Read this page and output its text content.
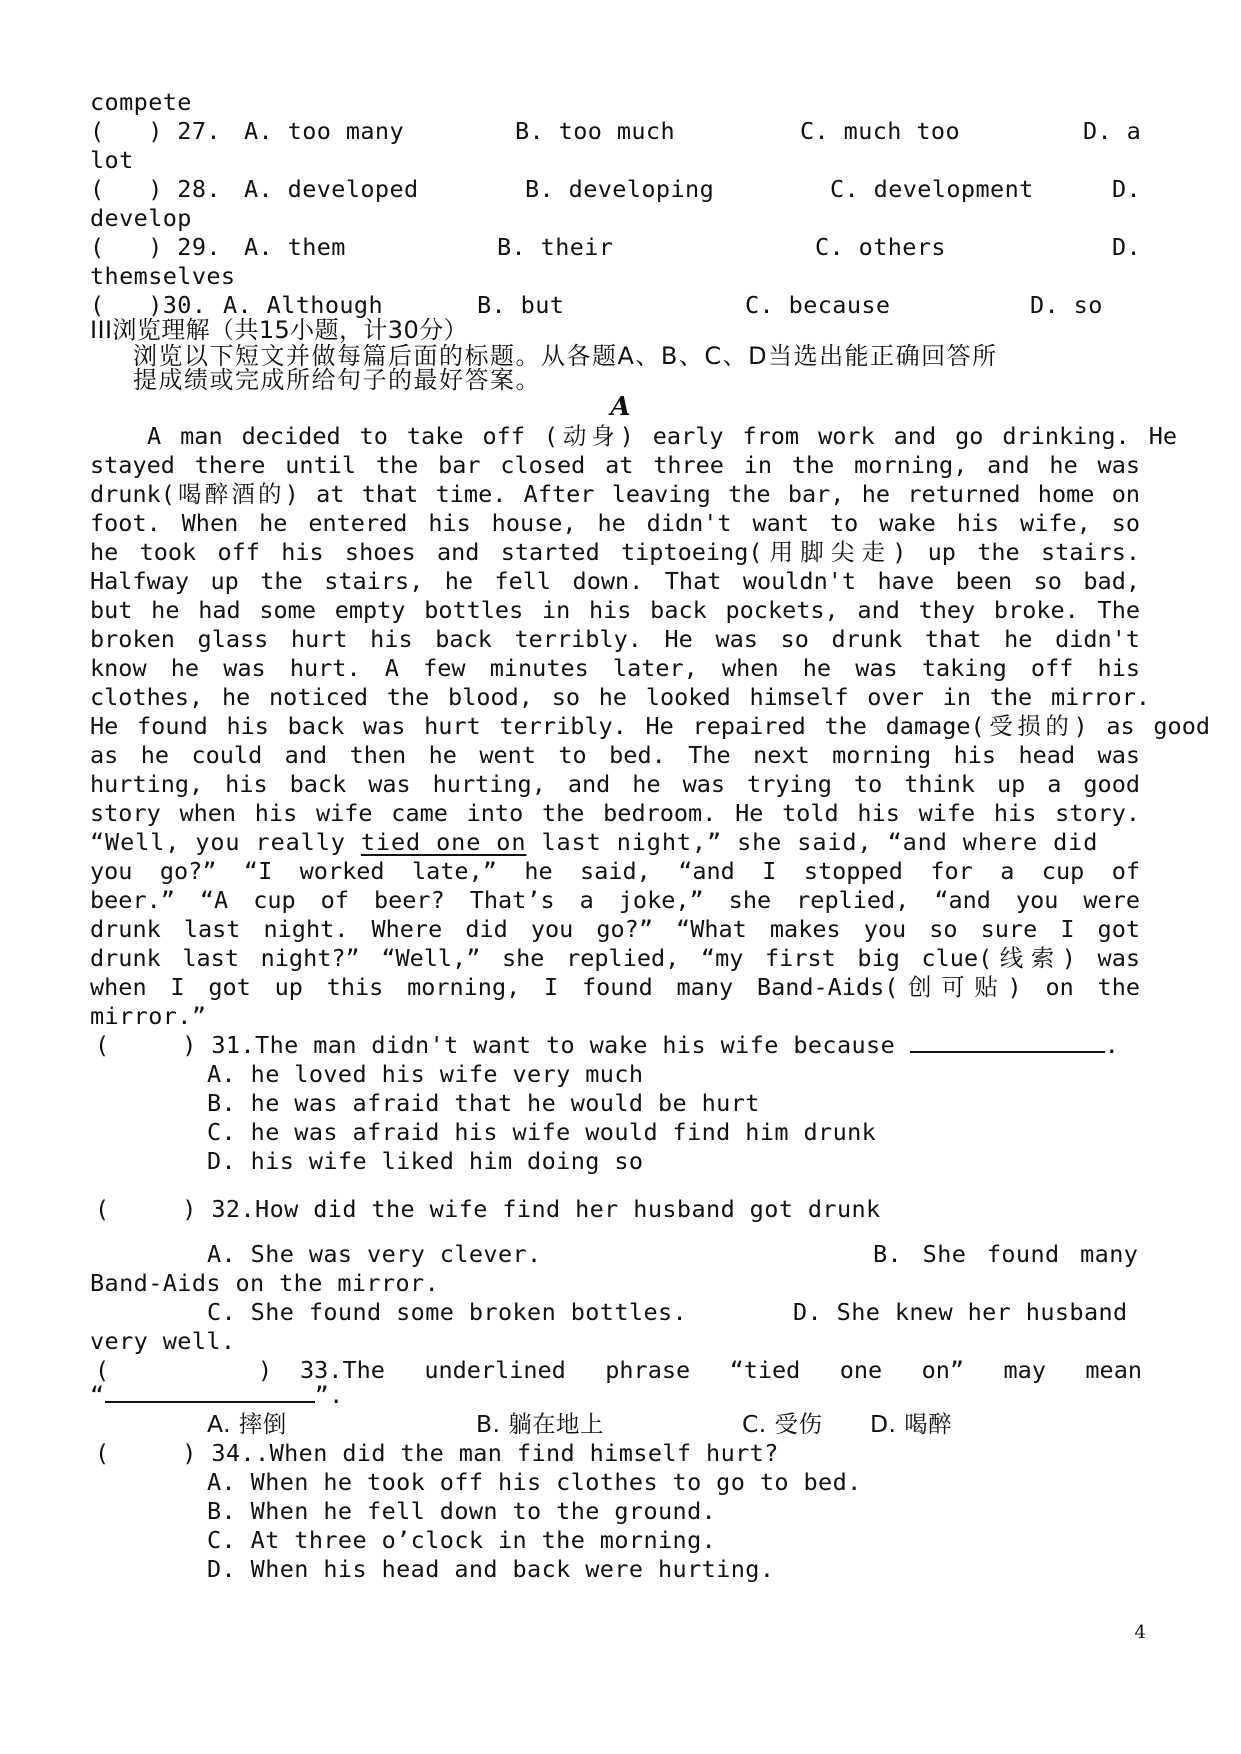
compete
(   ) 27. A. too many	B. too much	C. much too	D. a
lot
(   ) 28. A. developed	B. developing	C. development	D.
develop
(   ) 29. A. them	B. their	C. others	D.
themselves
(   )30. A. Although	B. but	C. because	D. so
III浏览理解（共15小题，计30分）
浏览以下短文并做每篇后面的标题。从各题A、B、C、D当选出能正确回答所
提成绩或完成所给句子的最好答案。
A
A man decided to take off (动身) early from work and go drinking. He
stayed there until the bar closed at three in the morning, and he was
drunk(喝醉酒的) at that time. After leaving the bar, he returned home on
foot. When he entered his house, he didn't want to wake his wife, so
he took off his shoes and started tiptoeing(用脚尖走) up the stairs.
Halfway up the stairs, he fell down. That wouldn't have been so bad,
but he had some empty bottles in his back pockets, and they broke. The
broken glass hurt his back terribly. He was so drunk that he didn't
know he was hurt. A few minutes later, when he was taking off his
clothes, he noticed the blood, so he looked himself over in the mirror.
He found his back was hurt terribly. He repaired the damage(受损的) as good
as he could and then he went to bed. The next morning his head was
hurting, his back was hurting, and he was trying to think up a good
story when his wife came into the bedroom. He told his wife his story.
“Well, you really tied one on last night,” she said, “and where did
you go?” “I worked late,” he said, “and I stopped for a cup of
beer.” “A cup of beer? That’s a joke,” she replied, “and you were
drunk last night. Where did you go?” “What makes you so sure I got
drunk last night?” “Well,” she replied, “my first big clue(线索) was
when I got up this morning, I found many Band-Aids(创可贴) on the
mirror.”
(     ) 31.The man didn't want to wake his wife because	.
A. he loved his wife very much
B. he was afraid that he would be hurt
C. he was afraid his wife would find him drunk
D. his wife liked him doing so
(     ) 32.How did the wife find her husband got drunk
A. She was very clever.	B. She found many
Band-Aids on the mirror.
C. She found some broken bottles.	D. She knew her husband
very well.
(	) 33.The underlined phrase “tied one on” may mean
“	”.
A. 摔倒	B. 躺在地上	C. 受伤 D. 喝醉
(     ) 34..When did the man find himself hurt?
A. When he took off his clothes to go to bed.
B. When he fell down to the ground.
C. At three o’clock in the morning.
D. When his head and back were hurting.
4
